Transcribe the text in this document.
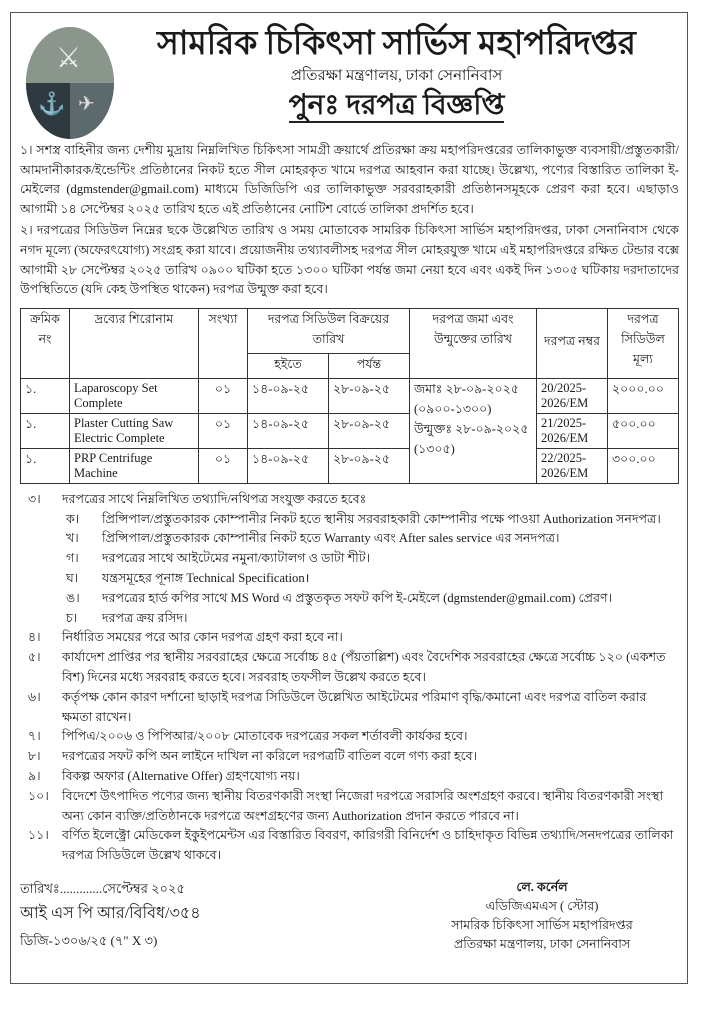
⚔
⚓ ✈
সামরিক চিকিৎসা সার্ভিস মহাপরিদপ্তর
প্রতিরক্ষা মন্ত্রণালয়, ঢাকা সেনানিবাস
পুনঃ দরপত্র বিজ্ঞপ্তি
১। সশস্ত্র বাহিনীর জন্য দেশীয় মুদ্রায় নিম্নলিখিত চিকিৎসা সামগ্রী ক্রয়ার্থে প্রতিরক্ষা ক্রয় মহাপরিদপ্তরের তালিকাভুক্ত ব্যবসায়ী/প্রস্তুতকারী/আমদানীকারক/ইন্ডেন্টিং প্রতিষ্ঠানের নিকট হতে সীল মোহরকৃত খামে দরপত্র আহবান করা যাচ্ছে। উল্লেখ্য, পণ্যের বিস্তারিত তালিকা ই-মেইলের (dgmstender@gmail.com) মাধ্যমে ডিজিডিপি এর তালিকাভুক্ত সরবরাহকারী প্রতিষ্ঠানসমূহকে প্রেরণ করা হবে। এছাড়াও আগামী ১৪ সেপ্টেম্বর ২০২৫ তারিখ হতে এই প্রতিষ্ঠানের নোটিশ বোর্ডে তালিকা প্রদর্শিত হবে।
২। দরপত্রের সিডিউল নিম্নের ছকে উল্লেখিত তারিখ ও সময় মোতাবেক সামরিক চিকিৎসা সার্ভিস মহাপরিদপ্তর, ঢাকা সেনানিবাস থেকে নগদ মূল্যে (অফেরৎযোগ্য) সংগ্রহ করা যাবে। প্রয়োজনীয় তথ্যাবলীসহ দরপত্র সীল মোহরযুক্ত খামে এই মহাপরিদপ্তরে রক্ষিত টেন্ডার বক্সে আগামী ২৮ সেপ্টেম্বর ২০২৫ তারিখ ০৯০০ ঘটিকা হতে ১৩০০ ঘটিকা পর্যন্ত জমা নেয়া হবে এবং একই দিন ১৩০৫ ঘটিকায় দরদাতাদের উপস্থিতিতে (যদি কেহ উপস্থিত থাকেন) দরপত্র উন্মুক্ত করা হবে।
ক্রমিক নং	দ্রব্যের শিরোনাম	সংখ্যা	দরপত্র সিডিউল বিক্রয়ের তারিখ		দরপত্র জমা এবং উন্মুক্তের তারিখ	দরপত্র নম্বর	দরপত্র সিডিউল মূল্য
			হইতে	পর্যন্ত			
১.	Laparoscopy Set Complete	০১	১৪-০৯-২৫	২৮-০৯-২৫	জমাঃ ২৮-০৯-২০২৫ (০৯০০-১৩০০) উন্মুক্তঃ ২৮-০৯-২০২৫ (১৩০৫)	20/2025-2026/EM	২০০০.০০
১.	Plaster Cutting Saw Electric Complete	০১	১৪-০৯-২৫	২৮-০৯-২৫		21/2025-2026/EM	৫০০.০০
১.	PRP Centrifuge Machine	০১	১৪-০৯-২৫	২৮-০৯-২৫		22/2025-2026/EM	৩০০.০০
৩।	দরপত্রের সাথে নিম্নলিখিত তথ্যাদি/নথিপত্র সংযুক্ত করতে হবেঃ
ক।	প্রিন্সিপাল/প্রস্তুতকারক কোম্পানীর নিকট হতে স্থানীয় সরবরাহকারী কোম্পানীর পক্ষে পাওয়া Authorization সনদপত্র।
খ।	প্রিন্সিপাল/প্রস্তুতকারক কোম্পানীর নিকট হতে Warranty এবং After sales service এর সনদপত্র।
গ।	দরপত্রের সাথে আইটেমের নমুনা/ক্যাটালগ ও ডাটা শীট।
ঘ।	যন্ত্রসমূহের পূনাঙ্গ Technical Specification।
ঙ।	দরপত্রের হার্ড কপির সাথে MS Word এ প্রস্তুতকৃত সফট কপি ই-মেইলে (dgmstender@gmail.com) প্রেরণ।
চ।	দরপত্র ক্রয় রসিদ।
৪।	নির্ধারিত সময়ের পরে আর কোন দরপত্র গ্রহণ করা হবে না।
৫।	কার্যাদেশ প্রাপ্তির পর স্থানীয় সরবরাহের ক্ষেত্রে সর্বোচ্চ ৪৫ (পঁয়তাল্লিশ) এবং বৈদেশিক সরবরাহের ক্ষেত্রে সর্বোচ্চ ১২০ (একশত বিশ) দিনের মধ্যে সরবরাহ করতে হবে। সরবরাহ তফসীল উল্লেখ করতে হবে।
৬।	কর্তৃপক্ষ কোন কারণ দর্শানো ছাড়াই দরপত্র সিডিউলে উল্লেখিত আইটেমের পরিমাণ বৃদ্ধি/কমানো এবং দরপত্র বাতিল করার ক্ষমতা রাখেন।
৭।	পিপিএ/২০০৬ ও পিপিআর/২০০৮ মোতাবেক দরপত্রের সকল শর্তাবলী কার্যকর হবে।
৮।	দরপত্রের সফট কপি অন লাইনে দাখিল না করিলে দরপত্রটি বাতিল বলে গণ্য করা হবে।
৯।	বিকল্প অফার (Alternative Offer) গ্রহণযোগ্য নয়।
১০।	বিদেশে উৎপাদিত পণ্যের জন্য স্থানীয় বিতরণকারী সংস্থা নিজেরা দরপত্রে সরাসরি অংশগ্রহণ করবে। স্থানীয় বিতরণকারী সংস্থা অন্য কোন ব্যক্তি/প্রতিষ্ঠানকে দরপত্রে অংশগ্রহণের জন্য Authorization প্রদান করতে পারবে না।
১১।	বর্ণিত ইলেক্ট্রো মেডিকেল ইকুইপমেন্টস এর বিস্তারিত বিবরণ, কারিগরী বিনির্দেশ ও চাহিদাকৃত বিভিন্ন তথ্যাদি/সনদপত্রের তালিকা দরপত্র সিডিউলে উল্লেখ থাকবে।
তারিখঃ.............সেপ্টেম্বর ২০২৫
আই এস পি আর/বিবিধ/৩৫৪
ডিজি-১৩০৬/২৫ (৭" X ৩)
লে. কর্নেল
এডিজিএমএস ( স্টোর)
সামরিক চিকিৎসা সার্ভিস মহাপরিদপ্তর
প্রতিরক্ষা মন্ত্রণালয়, ঢাকা সেনানিবাস
